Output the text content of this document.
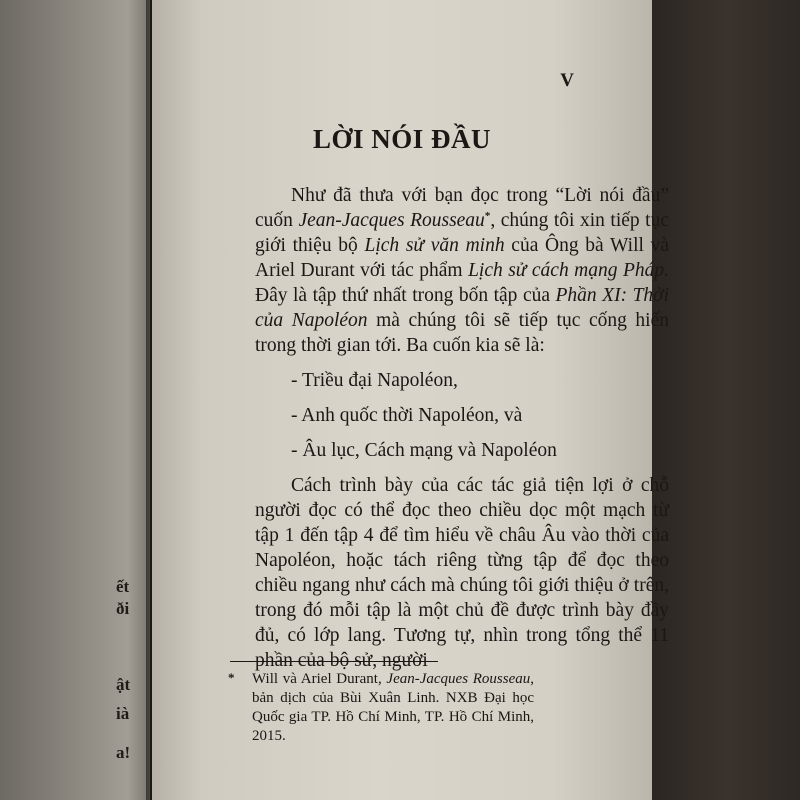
ết
ði
ật
ià
a!
V
LỜI NÓI ĐẦU

Như đã thưa với bạn đọc trong “Lời nói đầu” cuốn Jean-Jacques Rousseau*, chúng tôi xin tiếp tục giới thiệu bộ Lịch sử văn minh của Ông bà Will và Ariel Durant với tác phẩm Lịch sử cách mạng Pháp. Đây là tập thứ nhất trong bốn tập của Phần XI: Thời của Napoléon mà chúng tôi sẽ tiếp tục cống hiến trong thời gian tới. Ba cuốn kia sẽ là:

- Triều đại Napoléon,

- Anh quốc thời Napoléon, và

- Âu lục, Cách mạng và Napoléon

Cách trình bày của các tác giả tiện lợi ở chỗ người đọc có thể đọc theo chiều dọc một mạch từ tập 1 đến tập 4 để tìm hiểu về châu Âu vào thời của Napoléon, hoặc tách riêng từng tập để đọc theo chiều ngang như cách mà chúng tôi giới thiệu ở trên, trong đó mỗi tập là một chủ đề được trình bày đầy đủ, có lớp lang. Tương tự, nhìn trong tổng thể 11 phần của bộ sử, người

* Will và Ariel Durant, Jean-Jacques Rousseau, bản dịch của Bùi Xuân Linh. NXB Đại học Quốc gia TP. Hồ Chí Minh, TP. Hồ Chí Minh, 2015.
